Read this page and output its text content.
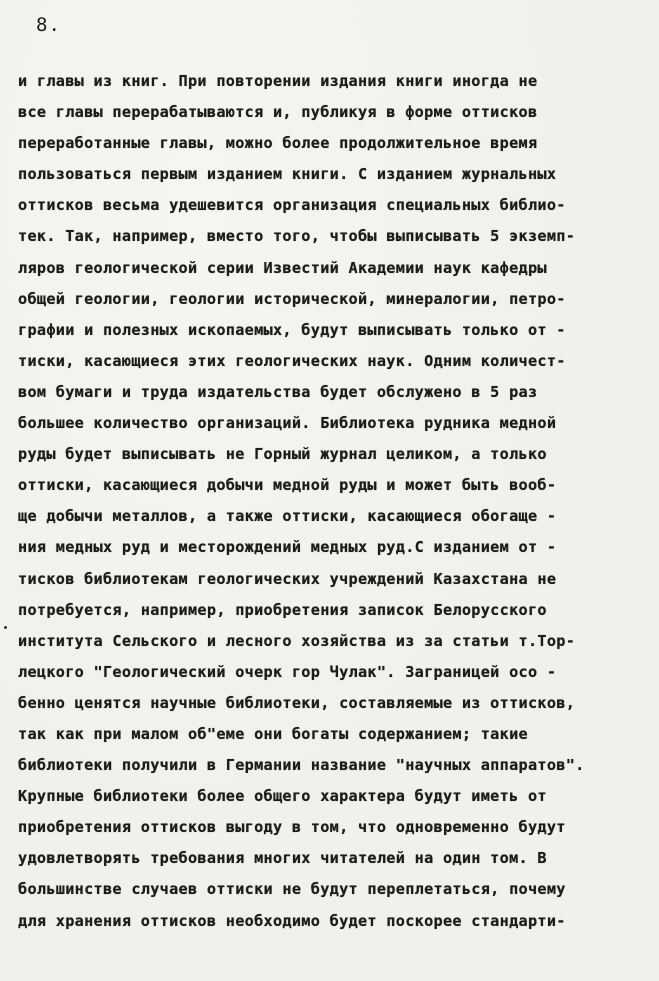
8.
и главы из книг. При повторении издания книги иногда не
все главы перерабатываются и, публикуя в форме оттисков
переработанные главы, можно более продолжительное время
пользоваться первым изданием книги. С изданием журнальных
оттисков весьма удешевится организация специальных библио-
тек. Так, например, вместо того, чтобы выписывать 5 экземп-
ляров геологической серии Известий Академии наук кафедры
общей геологии, геологии исторической, минералогии, петро-
графии и полезных ископаемых, будут выписывать только от -
тиски, касающиеся этих геологических наук. Одним количест-
вом бумаги и труда издательства будет обслужено в 5 раз
большее количество организаций. Библиотека рудника медной
руды будет выписывать не Горный журнал целиком, а только
оттиски, касающиеся добычи медной руды и может быть вооб-
ще добычи металлов, а также оттиски, касающиеся обогаще -
ния медных руд и месторождений медных руд.С изданием от -
тисков библиотекам геологических учреждений Казахстана не
потребуется, например, приобретения записок Белорусского
института Сельского и лесного хозяйства из за статьи т.Тор-
лецкого "Геологический очерк гор Чулак". Заграницей осо -
бенно ценятся научные библиотеки, составляемые из оттисков,
так как при малом об"еме они богаты содержанием; такие
библиотеки получили в Германии название "научных аппаратов".
Крупные библиотеки более общего характера будут иметь от
приобретения оттисков выгоду в том, что одновременно будут
удовлетворять требования многих читателей на один том. В
большинстве случаев оттиски не будут переплетаться, почему
для хранения оттисков необходимо будет поскорее стандарти-
